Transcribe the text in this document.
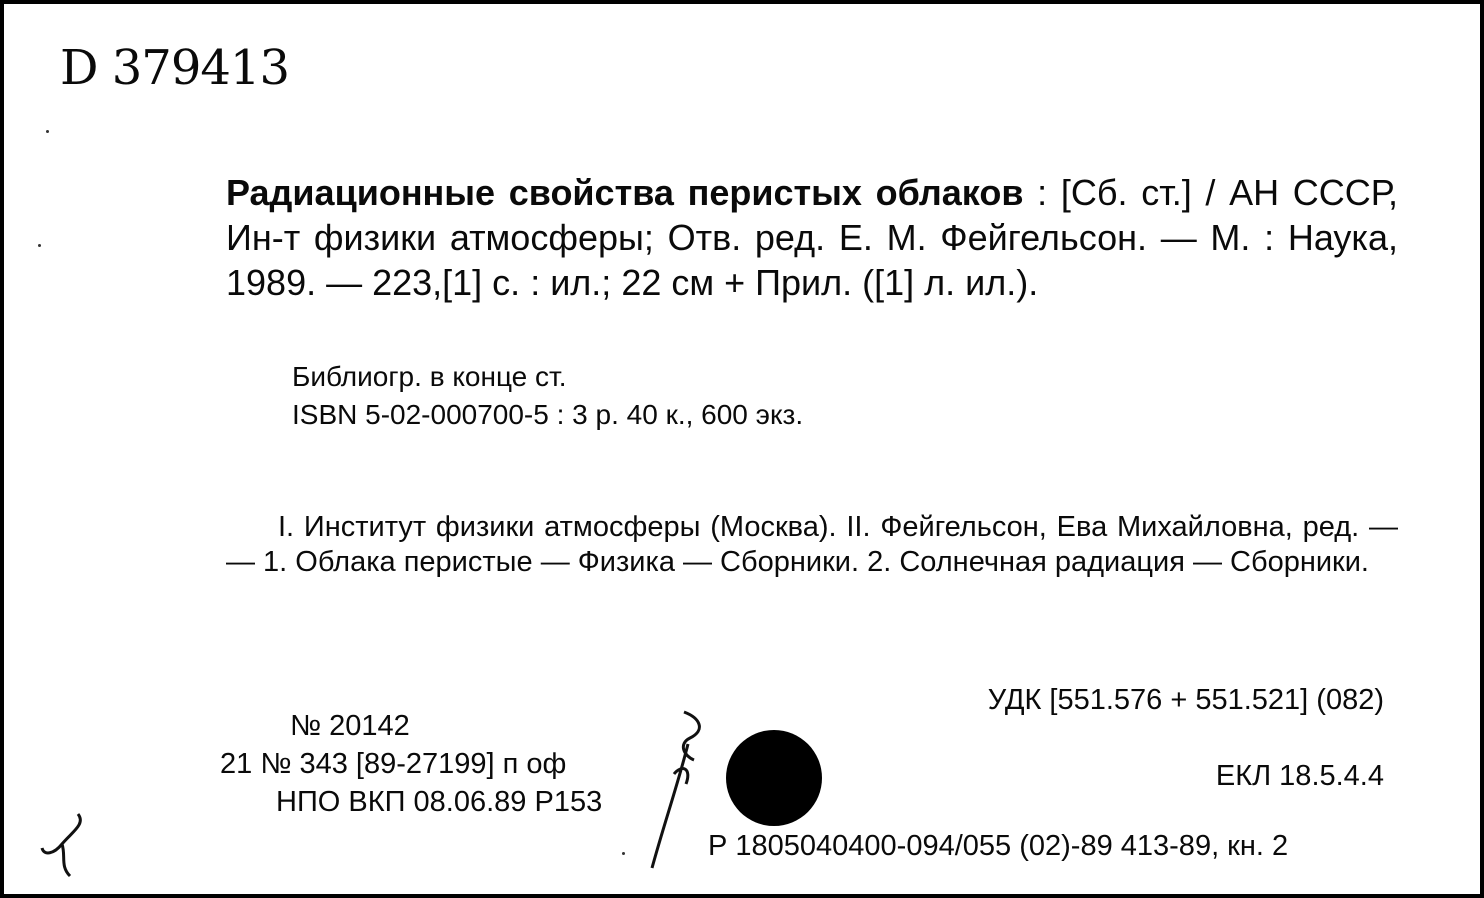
D 379413
Радиационные свойства перистых облаков : [Сб. ст.] / АН СССР, Ин-т физики атмосферы; Отв. ред. Е. М. Фейгельсон. — М. : Наука, 1989. — 223,[1] с. : ил.; 22 см + Прил. ([1] л. ил.).
Библиогр. в конце ст.
ISBN 5-02-000700-5 : 3 р. 40 к., 600 экз.
I. Институт физики атмосферы (Москва). II. Фейгельсон, Ева Михайловна, ред. — — 1. Облака перистые — Физика — Сборники. 2. Солнечная радиация — Сборники.
№ 20142
21 № 343 [89-27199] п оф
НПО ВКП 08.06.89 Р153
УДК [551.576 + 551.521] (082)
ЕКЛ 18.5.4.4
Р 1805040400-094/055 (02)-89 413-89, кн. 2
